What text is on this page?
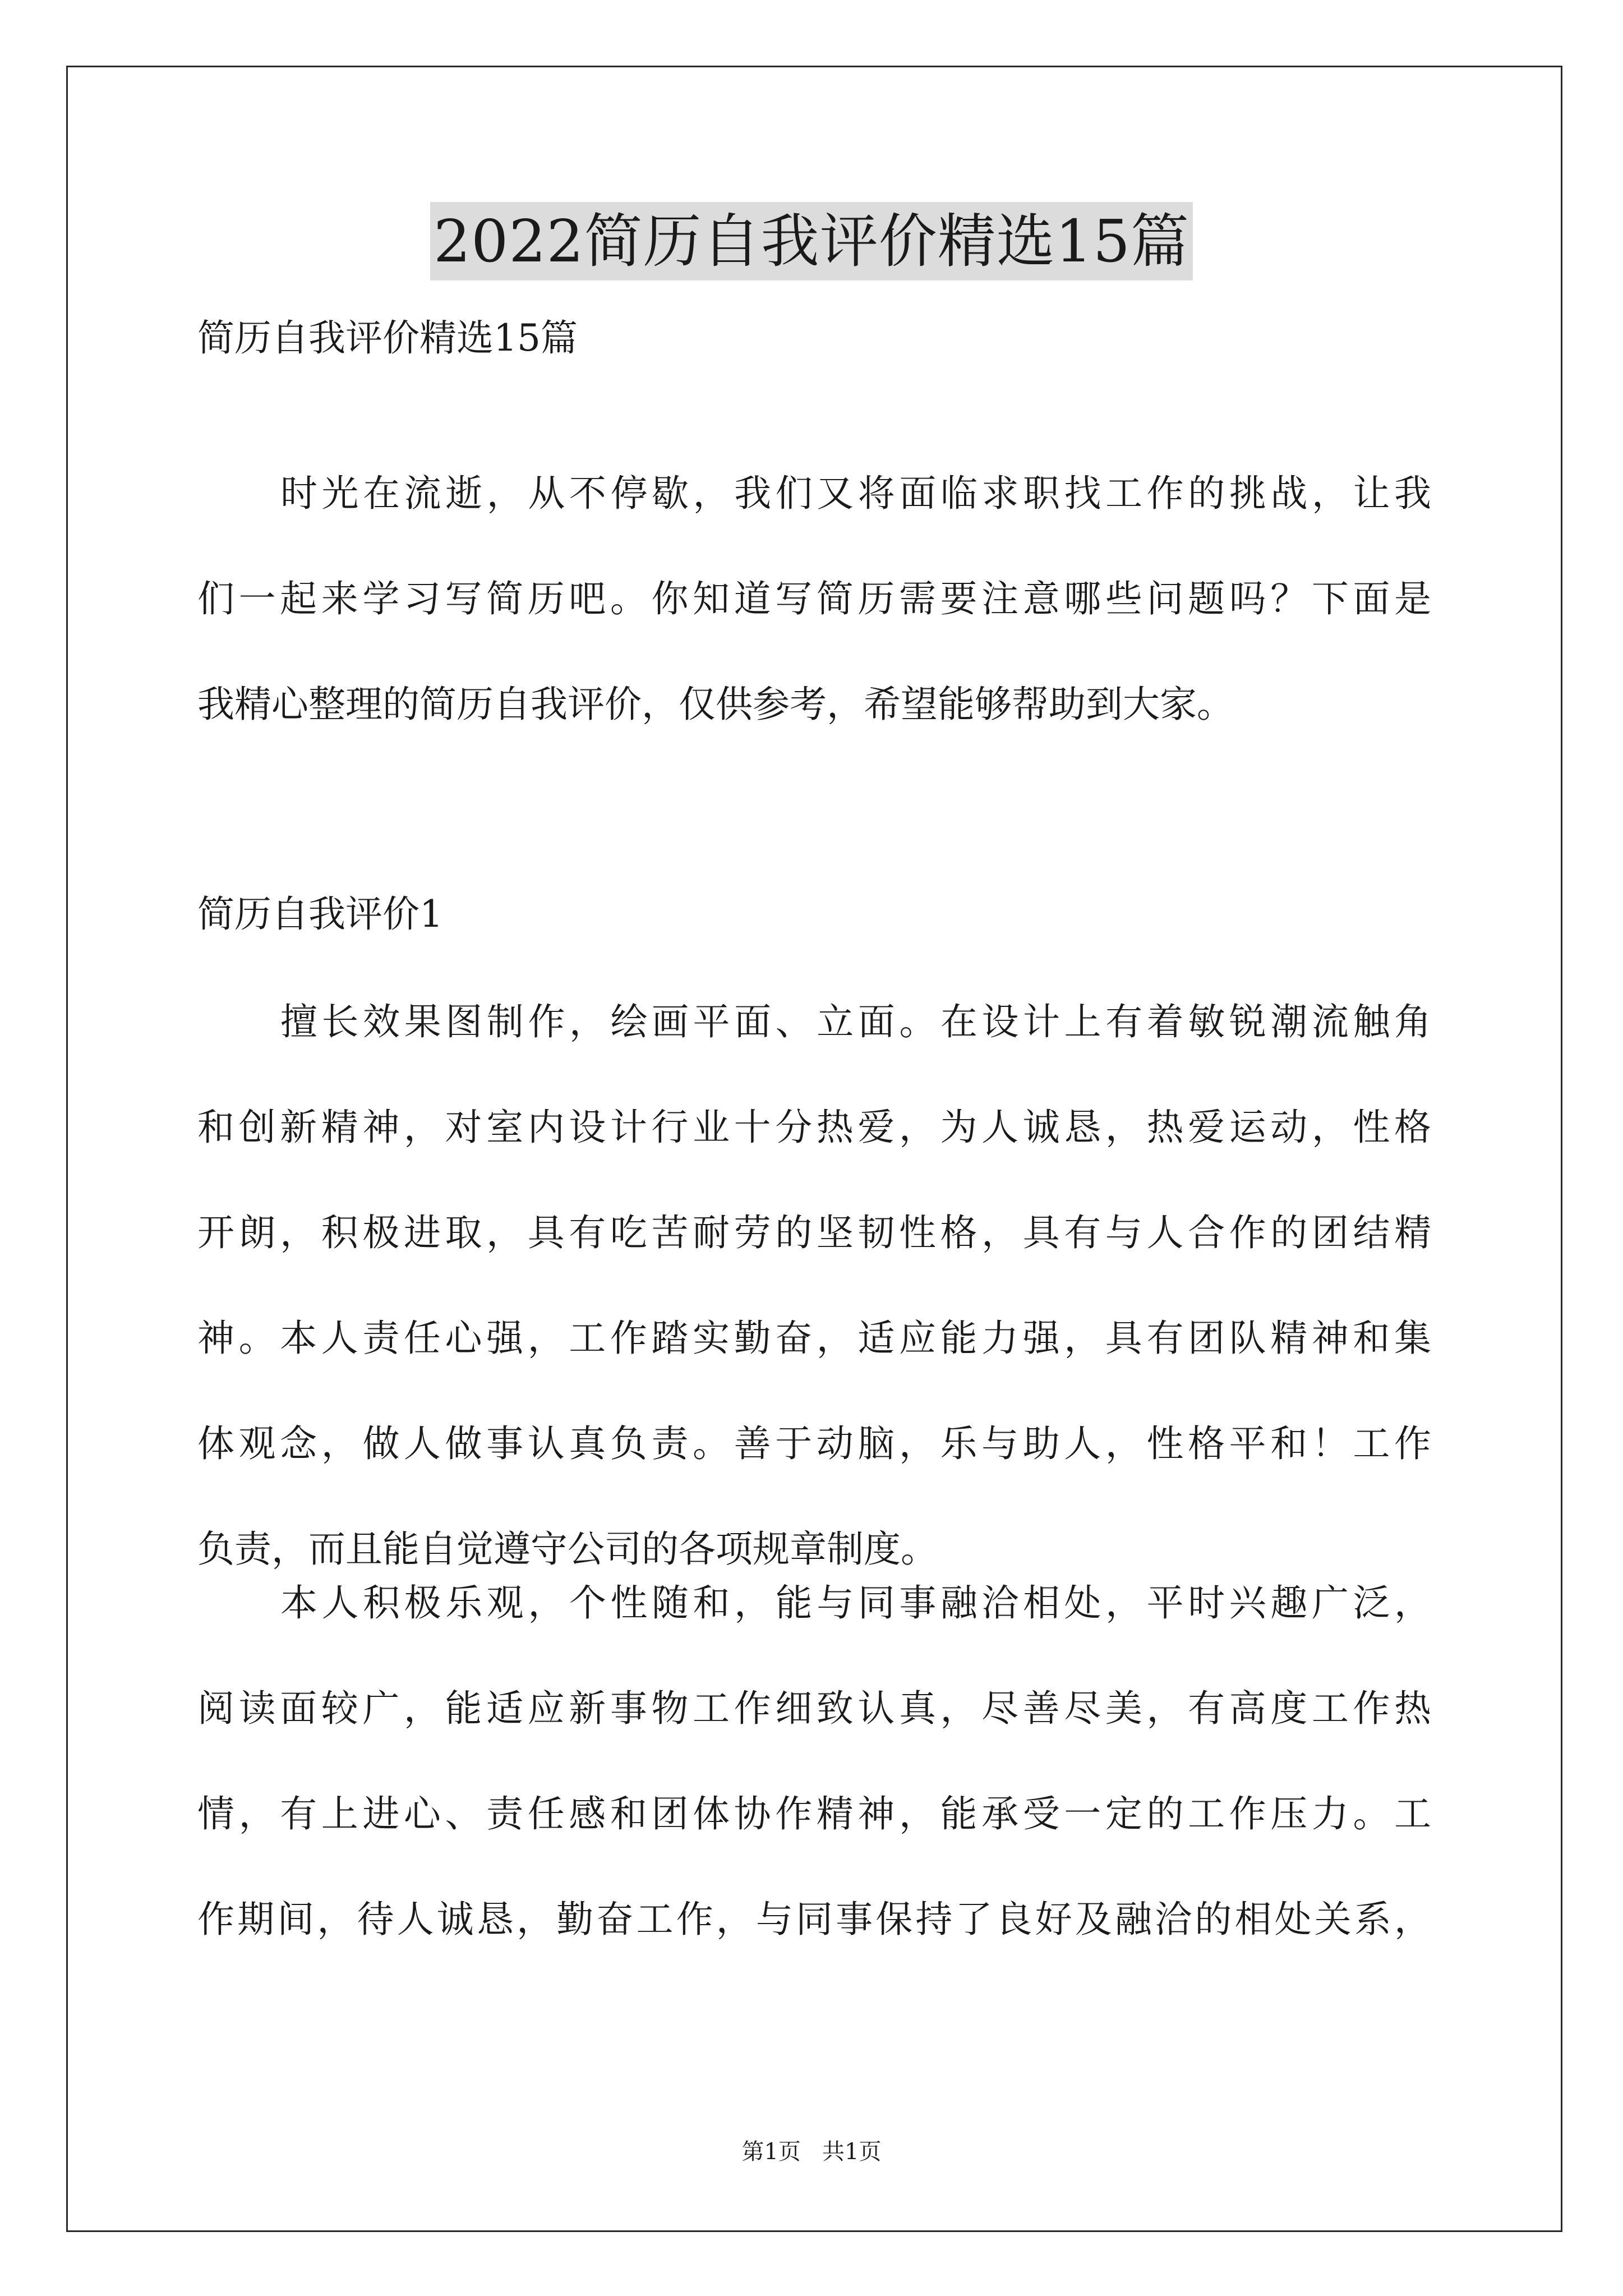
2022简历自我评价精选15篇
简历自我评价精选15篇
时光在流逝，从不停歇，我们又将面临求职找工作的挑战，让我
们一起来学习写简历吧。你知道写简历需要注意哪些问题吗？下面是
我精心整理的简历自我评价，仅供参考，希望能够帮助到大家。
简历自我评价1
擅长效果图制作，绘画平面、立面。在设计上有着敏锐潮流触角
和创新精神，对室内设计行业十分热爱，为人诚恳，热爱运动，性格
开朗，积极进取，具有吃苦耐劳的坚韧性格，具有与人合作的团结精
神。本人责任心强，工作踏实勤奋，适应能力强，具有团队精神和集
体观念，做人做事认真负责。善于动脑，乐与助人，性格平和！工作
负责，而且能自觉遵守公司的各项规章制度。
本人积极乐观，个性随和，能与同事融洽相处，平时兴趣广泛，
阅读面较广，能适应新事物工作细致认真，尽善尽美，有高度工作热
情，有上进心、责任感和团体协作精神，能承受一定的工作压力。工
作期间，待人诚恳，勤奋工作，与同事保持了良好及融洽的相处关系，
第1页   共1页
